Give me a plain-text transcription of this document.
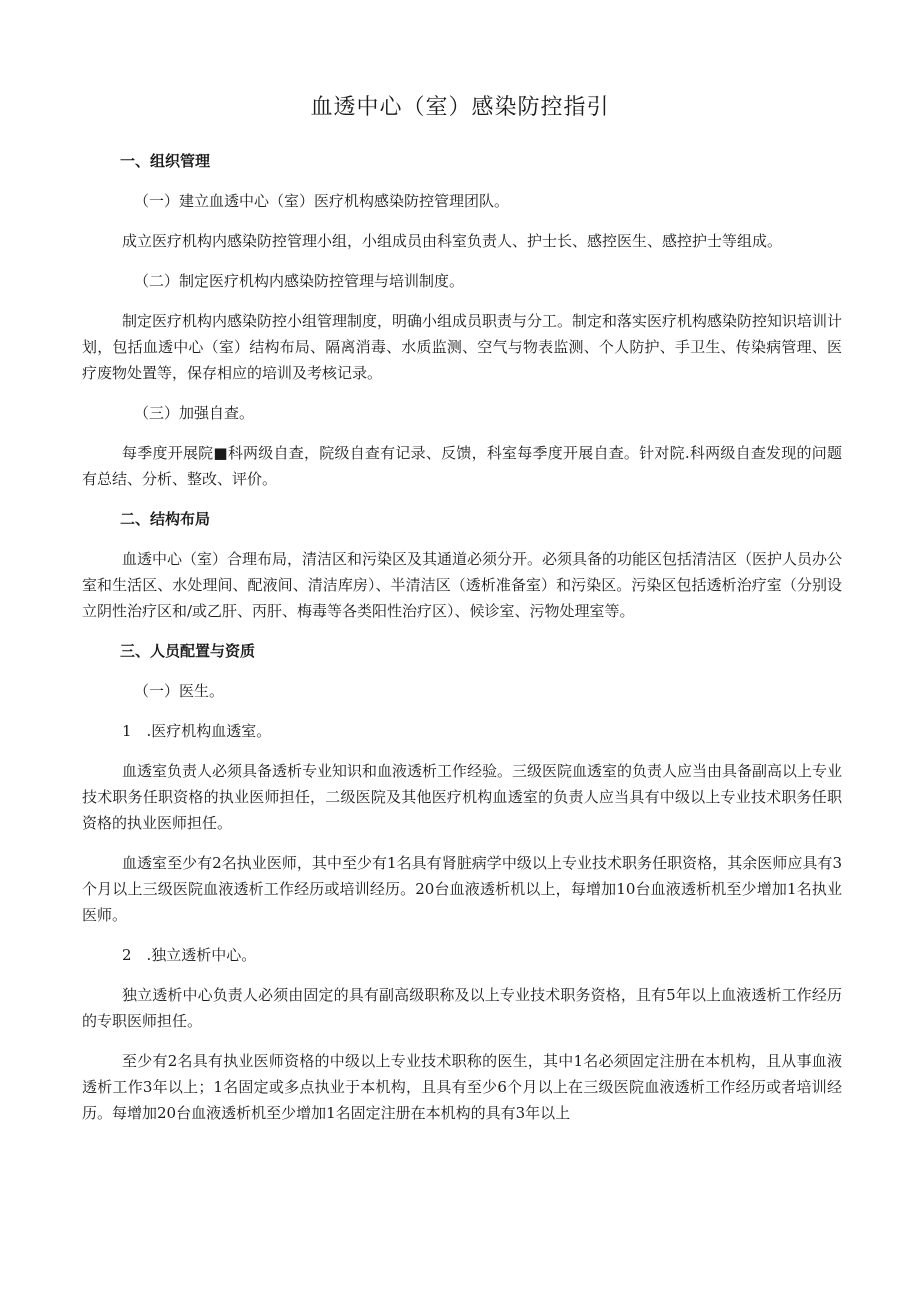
血透中心（室）感染防控指引

一、组织管理

（一）建立血透中心（室）医疗机构感染防控管理团队。

成立医疗机构内感染防控管理小组，小组成员由科室负责人、护士长、感控医生、感控护士等组成。

（二）制定医疗机构内感染防控管理与培训制度。

制定医疗机构内感染防控小组管理制度，明确小组成员职责与分工。制定和落实医疗机构感染防控知识培训计划，包括血透中心（室）结构布局、隔离消毒、水质监测、空气与物表监测、个人防护、手卫生、传染病管理、医疗废物处置等，保存相应的培训及考核记录。

（三）加强自查。

每季度开展院■科两级自查，院级自查有记录、反馈，科室每季度开展自查。针对院.科两级自查发现的问题有总结、分析、整改、评价。

二、结构布局

血透中心（室）合理布局，清洁区和污染区及其通道必须分开。必须具备的功能区包括清洁区（医护人员办公室和生活区、水处理间、配液间、清洁库房）、半清洁区（透析准备室）和污染区。污染区包括透析治疗室（分别设立阴性治疗区和/或乙肝、丙肝、梅毒等各类阳性治疗区）、候诊室、污物处理室等。

三、人员配置与资质

（一）医生。

1　.医疗机构血透室。

血透室负责人必须具备透析专业知识和血液透析工作经验。三级医院血透室的负责人应当由具备副高以上专业技术职务任职资格的执业医师担任，二级医院及其他医疗机构血透室的负责人应当具有中级以上专业技术职务任职资格的执业医师担任。

血透室至少有2名执业医师，其中至少有1名具有肾脏病学中级以上专业技术职务任职资格，其余医师应具有3个月以上三级医院血液透析工作经历或培训经历。20台血液透析机以上，每增加10台血液透析机至少增加1名执业医师。

2　.独立透析中心。

独立透析中心负责人必须由固定的具有副高级职称及以上专业技术职务资格，且有5年以上血液透析工作经历的专职医师担任。

至少有2名具有执业医师资格的中级以上专业技术职称的医生，其中1名必须固定注册在本机构，且从事血液透析工作3年以上；1名固定或多点执业于本机构，且具有至少6个月以上在三级医院血液透析工作经历或者培训经历。每增加20台血液透析机至少增加1名固定注册在本机构的具有3年以上
